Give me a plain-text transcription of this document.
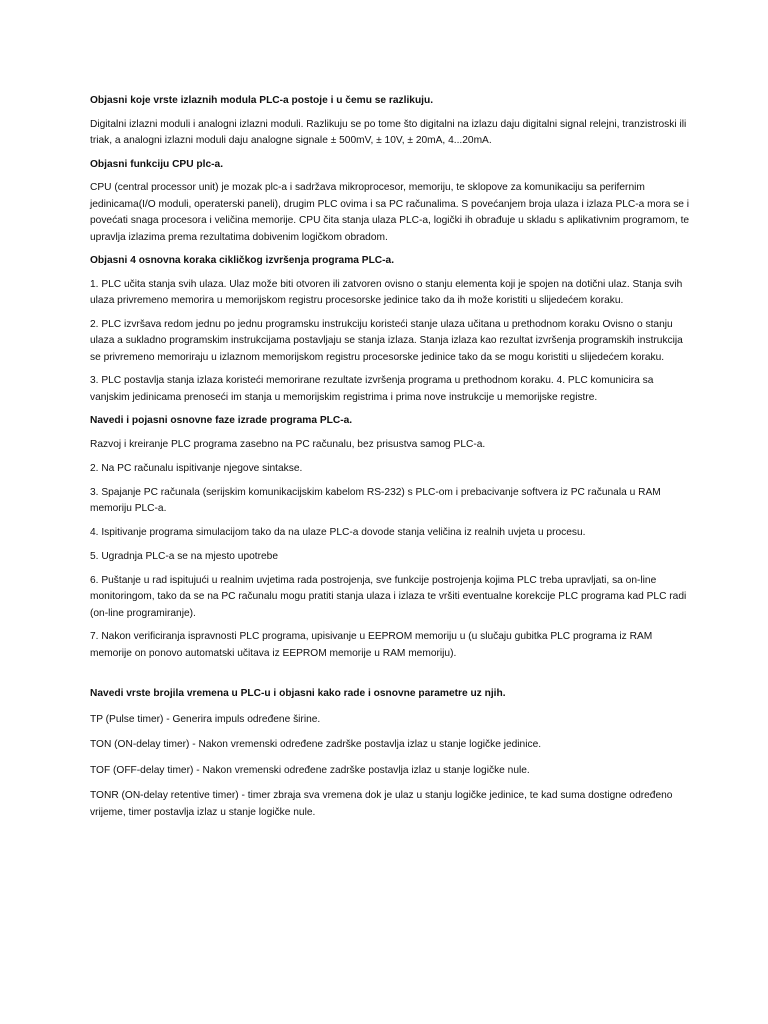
Objasni koje vrste izlaznih modula PLC-a postoje i u čemu se razlikuju.

Digitalni izlazni moduli i analogni izlazni moduli. Razlikuju se po tome što digitalni na izlazu daju digitalni signal relejni, tranzistroski ili triak, a analogni izlazni moduli daju analogne signale ± 500mV, ± 10V, ± 20mA, 4...20mA.

Objasni funkciju CPU plc-a.

CPU (central processor unit) je mozak plc-a i sadržava mikroprocesor, memoriju, te sklopove za komunikaciju sa perifernim jedinicama(I/O moduli, operaterski paneli), drugim PLC ovima i sa PC računalima. S povećanjem broja ulaza i izlaza PLC-a mora se i povećati snaga procesora i veličina memorije. CPU čita stanja ulaza PLC-a, logički ih obrađuje u skladu s aplikativnim programom, te upravlja izlazima prema rezultatima dobivenim logičkom obradom.

Objasni 4 osnovna koraka cikličkog izvršenja programa PLC-a.

1. PLC učita stanja svih ulaza. Ulaz može biti otvoren ili zatvoren ovisno o stanju elementa koji je spojen na dotični ulaz. Stanja svih ulaza privremeno memorira u memorijskom registru procesorske jedinice tako da ih može koristiti u slijedećem koraku.

2. PLC izvršava redom jednu po jednu programsku instrukciju koristeći stanje ulaza učitana u prethodnom koraku Ovisno o stanju ulaza a sukladno programskim instrukcijama postavljaju se stanja izlaza. Stanja izlaza kao rezultat izvršenja programskih instrukcija se privremeno memoriraju u izlaznom memorijskom registru procesorske jedinice tako da se mogu koristiti u slijedećem koraku.

3. PLC postavlja stanja izlaza koristeći memorirane rezultate izvršenja programa u prethodnom koraku. 4. PLC komunicira sa vanjskim jedinicama prenoseći im stanja u memorijskim registrima i prima nove instrukcije u memorijske registre.

Navedi i pojasni osnovne faze izrade programa PLC-a.

Razvoj i kreiranje PLC programa zasebno na PC računalu, bez prisustva samog PLC-a.

2. Na PC računalu ispitivanje njegove sintakse.

3. Spajanje PC računala (serijskim komunikacijskim kabelom RS-232) s PLC-om i prebacivanje softvera iz PC računala u RAM memoriju PLC-a.

4. Ispitivanje programa simulacijom tako da na ulaze PLC-a dovode stanja veličina iz realnih uvjeta u procesu.

5. Ugradnja PLC-a se na mjesto upotrebe

6. Puštanje u rad ispitujući u realnim uvjetima rada postrojenja, sve funkcije postrojenja kojima PLC treba upravljati, sa on-line monitoringom, tako da se na PC računalu mogu pratiti stanja ulaza i izlaza te vršiti eventualne korekcije PLC programa kad PLC radi (on-line programiranje).

7. Nakon verificiranja ispravnosti PLC programa, upisivanje u EEPROM memoriju u (u slučaju gubitka PLC programa iz RAM memorije on ponovo automatski učitava iz EEPROM memorije u RAM memoriju).

Navedi vrste brojila vremena u PLC-u i objasni kako rade i osnovne parametre uz njih.

TP (Pulse timer) - Generira impuls određene širine.

TON (ON-delay timer) - Nakon vremenski određene zadrške postavlja izlaz u stanje logičke jedinice.

TOF (OFF-delay timer) - Nakon vremenski određene zadrške postavlja izlaz u stanje logičke nule.

TONR (ON-delay retentive timer) - timer zbraja sva vremena dok je ulaz u stanju logičke jedinice, te kad suma dostigne određeno vrijeme, timer postavlja izlaz u stanje logičke nule.
